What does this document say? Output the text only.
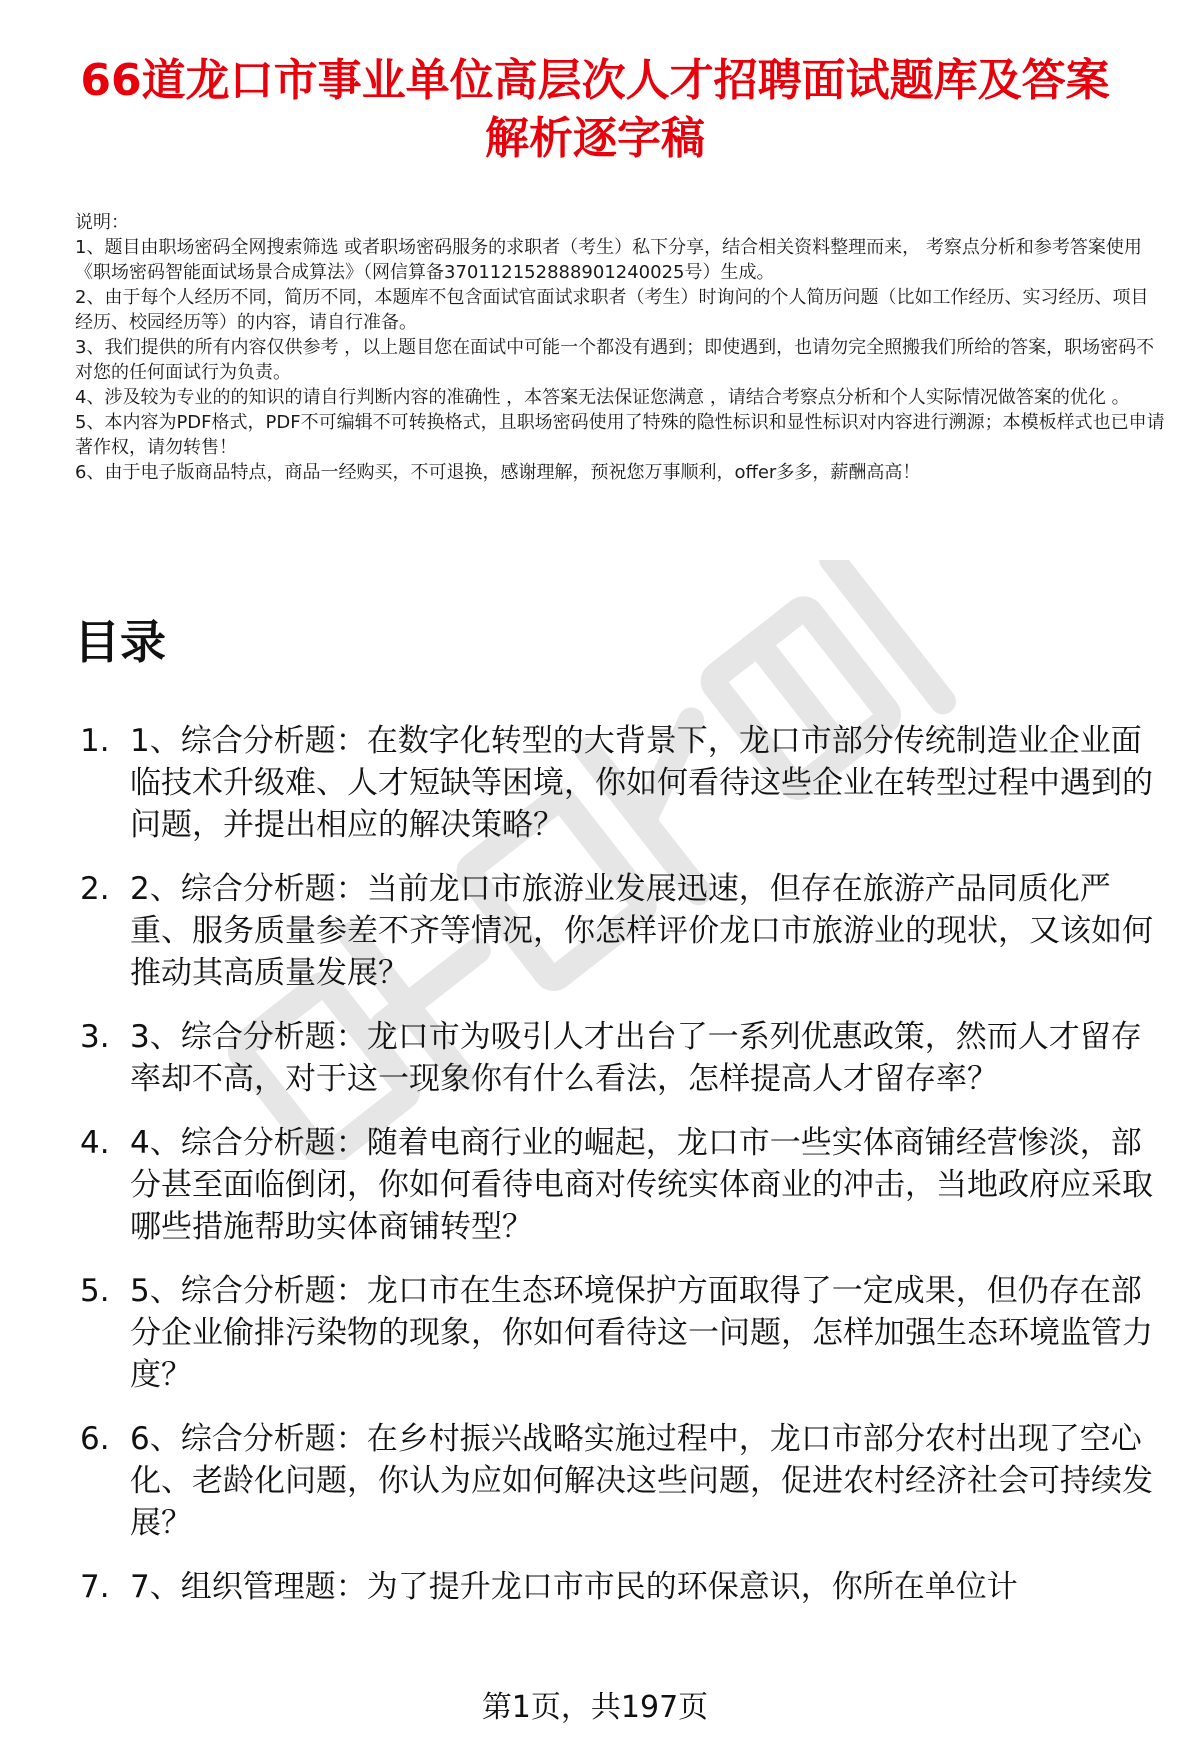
66道龙口市事业单位高层次人才招聘面试题库及答案解析逐字稿

说明：

1、题目由职场密码全网搜索筛选 或者职场密码服务的求职者（考生）私下分享，结合相关资料整理而来， 考察点分析和参考答案使用《职场密码智能面试场景合成算法》（网信算备370112152888901240025号）生成。

2、由于每个人经历不同，简历不同，本题库不包含面试官面试求职者（考生）时询问的个人简历问题（比如工作经历、实习经历、项目经历、校园经历等）的内容，请自行准备。

3、我们提供的所有内容仅供参考 ，以上题目您在面试中可能一个都没有遇到；即使遇到，也请勿完全照搬我们所给的答案，职场密码不对您的任何面试行为负责。

4、涉及较为专业的的知识的请自行判断内容的准确性 ，本答案无法保证您满意 ，请结合考察点分析和个人实际情况做答案的优化 。

5、本内容为PDF格式，PDF不可编辑不可转换格式，且职场密码使用了特殊的隐性标识和显性标识对内容进行溯源；本模板样式也已申请著作权，请勿转售！

6、由于电子版商品特点，商品一经购买，不可退换，感谢理解，预祝您万事顺利，offer多多，薪酬高高！

目录
1. 1、综合分析题：在数字化转型的大背景下，龙口市部分传统制造业企业面临技术升级难、人才短缺等困境，你如何看待这些企业在转型过程中遇到的问题，并提出相应的解决策略？
2. 2、综合分析题：当前龙口市旅游业发展迅速，但存在旅游产品同质化严重、服务质量参差不齐等情况，你怎样评价龙口市旅游业的现状，又该如何推动其高质量发展？
3. 3、综合分析题：龙口市为吸引人才出台了一系列优惠政策，然而人才留存率却不高，对于这一现象你有什么看法，怎样提高人才留存率？
4. 4、综合分析题：随着电商行业的崛起，龙口市一些实体商铺经营惨淡，部分甚至面临倒闭，你如何看待电商对传统实体商业的冲击，当地政府应采取哪些措施帮助实体商铺转型？
5. 5、综合分析题：龙口市在生态环境保护方面取得了一定成果，但仍存在部分企业偷排污染物的现象，你如何看待这一问题，怎样加强生态环境监管力度？
6. 6、综合分析题：在乡村振兴战略实施过程中，龙口市部分农村出现了空心化、老龄化问题，你认为应如何解决这些问题，促进农村经济社会可持续发展？
7. 7、组织管理题：为了提升龙口市市民的环保意识，你所在单位计
第1页，共197页
